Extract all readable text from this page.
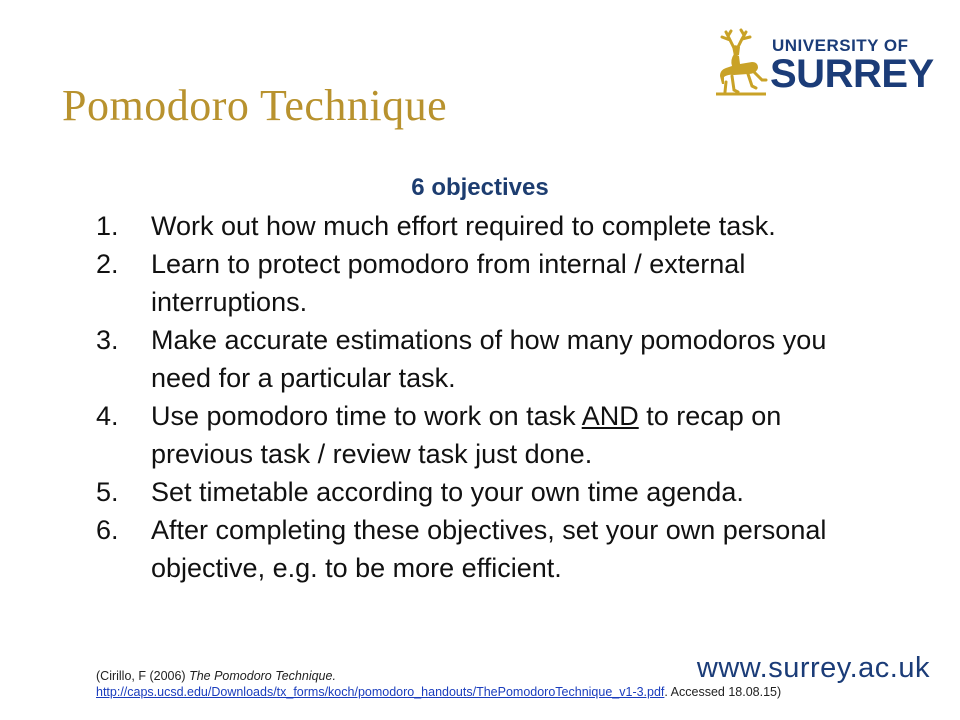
UNIVERSITY OF
SURREY
Pomodoro Technique
6 objectives
1. Work out how much effort required to complete task.
2. Learn to protect pomodoro from internal / external interruptions.
3. Make accurate estimations of how many pomodoros you need for a particular task.
4. Use pomodoro time to work on task AND to recap on previous task / review task just done.
5. Set timetable according to your own time agenda.
6. After completing these objectives, set your own personal objective, e.g. to be more efficient.
(Cirillo, F (2006) The Pomodoro Technique. http://caps.ucsd.edu/Downloads/tx_forms/koch/pomodoro_handouts/ThePomodoroTechnique_v1-3.pdf. Accessed 18.08.15)
www.surrey.ac.uk
